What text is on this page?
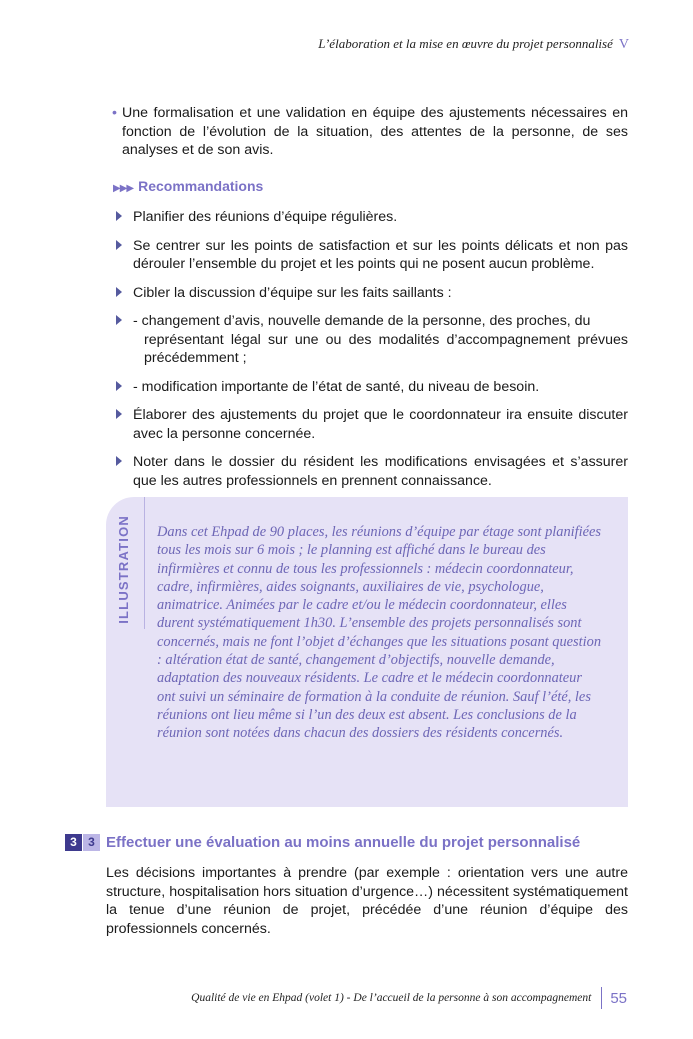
L’élaboration et la mise en œuvre du projet personnalisé V
• Une formalisation et une validation en équipe des ajustements nécessaires en fonction de l’évolution de la situation, des attentes de la personne, de ses analyses et de son avis.
▶▶▶ Recommandations
Planifier des réunions d’équipe régulières.
Se centrer sur les points de satisfaction et sur les points délicats et non pas dérouler l’ensemble du projet et les points qui ne posent aucun problème.
Cibler la discussion d’équipe sur les faits saillants :
- changement d’avis, nouvelle demande de la personne, des proches, du
représentant légal sur une ou des modalités d’accompagnement prévues précédemment ;
- modification importante de l’état de santé, du niveau de besoin.
Élaborer des ajustements du projet que le coordonnateur ira ensuite discuter avec la personne concernée.
Noter dans le dossier du résident les modifications envisagées et s’assurer que les autres professionnels en prennent connaissance.
ILLUSTRATION Dans cet Ehpad de 90 places, les réunions d’équipe par étage sont planifiées tous les mois sur 6 mois ; le planning est affiché dans le bureau des infirmières et connu de tous les professionnels : médecin coordonnateur, cadre, infirmières, aides soignants, auxiliaires de vie, psychologue, animatrice. Animées par le cadre et/ou le médecin coordonnateur, elles durent systématiquement 1h30. L’ensemble des projets personnalisés sont concernés, mais ne font l’objet d’échanges que les situations posant question : altération état de santé, changement d’objectifs, nouvelle demande, adaptation des nouveaux résidents. Le cadre et le médecin coordonnateur ont suivi un séminaire de formation à la conduite de réunion. Sauf l’été, les réunions ont lieu même si l’un des deux est absent. Les conclusions de la réunion sont notées dans chacun des dossiers des résidents concernés.
3 3 Effectuer une évaluation au moins annuelle du projet personnalisé
Les décisions importantes à prendre (par exemple : orientation vers une autre structure, hospitalisation hors situation d’urgence…) nécessitent systématiquement la tenue d’une réunion de projet, précédée d’une réunion d’équipe des professionnels concernés.
Qualité de vie en Ehpad (volet 1) - De l’accueil de la personne à son accompagnement 55
